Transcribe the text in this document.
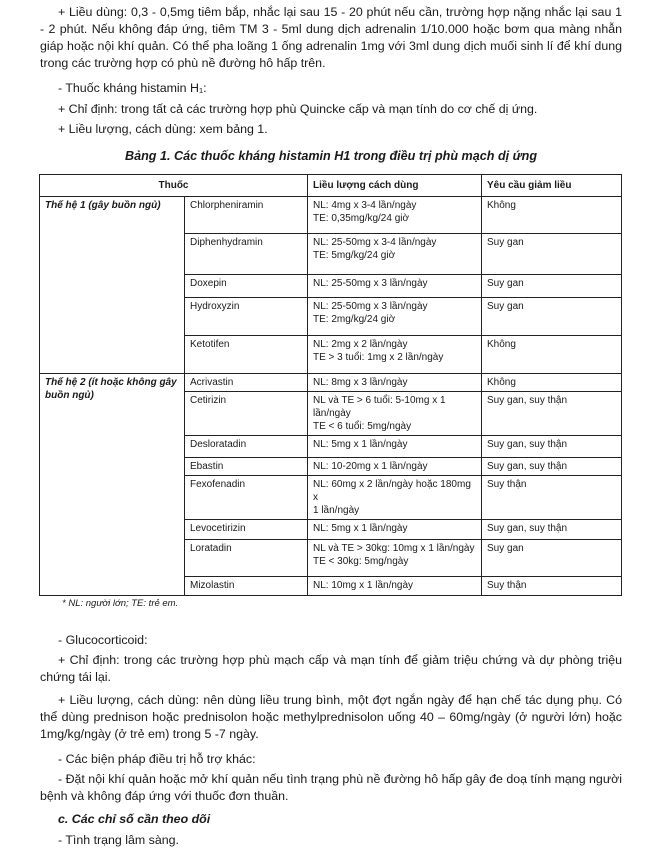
+ Liều dùng: 0,3 - 0,5mg tiêm bắp, nhắc lại sau 15 - 20 phút nếu cần, trường hợp nặng nhắc lại sau 1 - 2 phút. Nếu không đáp ứng, tiêm TM 3 - 5ml dung dịch adrenalin 1/10.000 hoặc bơm qua màng nhẫn giáp hoặc nội khí quản. Có thể pha loãng 1 ống adrenalin 1mg với 3ml dung dịch muối sinh lí để khí dung trong các trường hợp có phù nề đường hô hấp trên.

- Thuốc kháng histamin H₁:

+ Chỉ định: trong tất cả các trường hợp phù Quincke cấp và mạn tính do cơ chế dị ứng.

+ Liều lượng, cách dùng: xem bảng 1.

Bảng 1. Các thuốc kháng histamin H1 trong điều trị phù mạch dị ứng

Thuốc		Liều lượng cách dùng	Yêu cầu giảm liều
Thế hệ 1 (gây buồn ngủ)	Chlorpheniramin	NL: 4mg x 3-4 lần/ngày
TE: 0,35mg/kg/24 giờ	Không
	Diphenhydramin	NL: 25-50mg x 3-4 lần/ngày
TE: 5mg/kg/24 giờ	Suy gan
	Doxepin	NL: 25-50mg x 3 lần/ngày	Suy gan
	Hydroxyzin	NL: 25-50mg x 3 lần/ngày
TE: 2mg/kg/24 giờ	Suy gan
	Ketotifen	NL: 2mg x 2 lần/ngày
TE > 3 tuổi: 1mg x 2 lần/ngày	Không
Thế hệ 2 (ít hoặc không gây buồn ngủ)	Acrivastin	NL: 8mg x 3 lần/ngày	Không
	Cetirizin	NL và TE > 6 tuổi: 5-10mg x 1 lần/ngày
TE < 6 tuổi: 5mg/ngày	Suy gan, suy thận
	Desloratadin	NL: 5mg x 1 lần/ngày	Suy gan, suy thận
	Ebastin	NL: 10-20mg x 1 lần/ngày	Suy gan, suy thận
	Fexofenadin	NL: 60mg x 2 lần/ngày hoặc 180mg x
1 lần/ngày	Suy thận
	Levocetirizin	NL: 5mg x 1 lần/ngày	Suy gan, suy thận
	Loratadin	NL và TE > 30kg: 10mg x 1 lần/ngày
TE < 30kg: 5mg/ngày	Suy gan
	Mizolastin	NL: 10mg x 1 lần/ngày	Suy thận

* NL: người lớn; TE: trẻ em.

- Glucocorticoid:

+ Chỉ định: trong các trường hợp phù mạch cấp và mạn tính để giảm triệu chứng và dự phòng triệu chứng tái lại.

+ Liều lượng, cách dùng: nên dùng liều trung bình, một đợt ngắn ngày để hạn chế tác dụng phụ. Có thể dùng prednison hoặc prednisolon hoặc methylprednisolon uống 40 – 60mg/ngày (ở người lớn) hoặc 1mg/kg/ngày (ở trẻ em) trong 5 -7 ngày.

- Các biện pháp điều trị hỗ trợ khác:

- Đặt nội khí quản hoặc mở khí quản nếu tình trạng phù nề đường hô hấp gây đe doạ tính mạng người bệnh và không đáp ứng với thuốc đơn thuần.

c. Các chỉ số cần theo dõi

- Tình trạng lâm sàng.
